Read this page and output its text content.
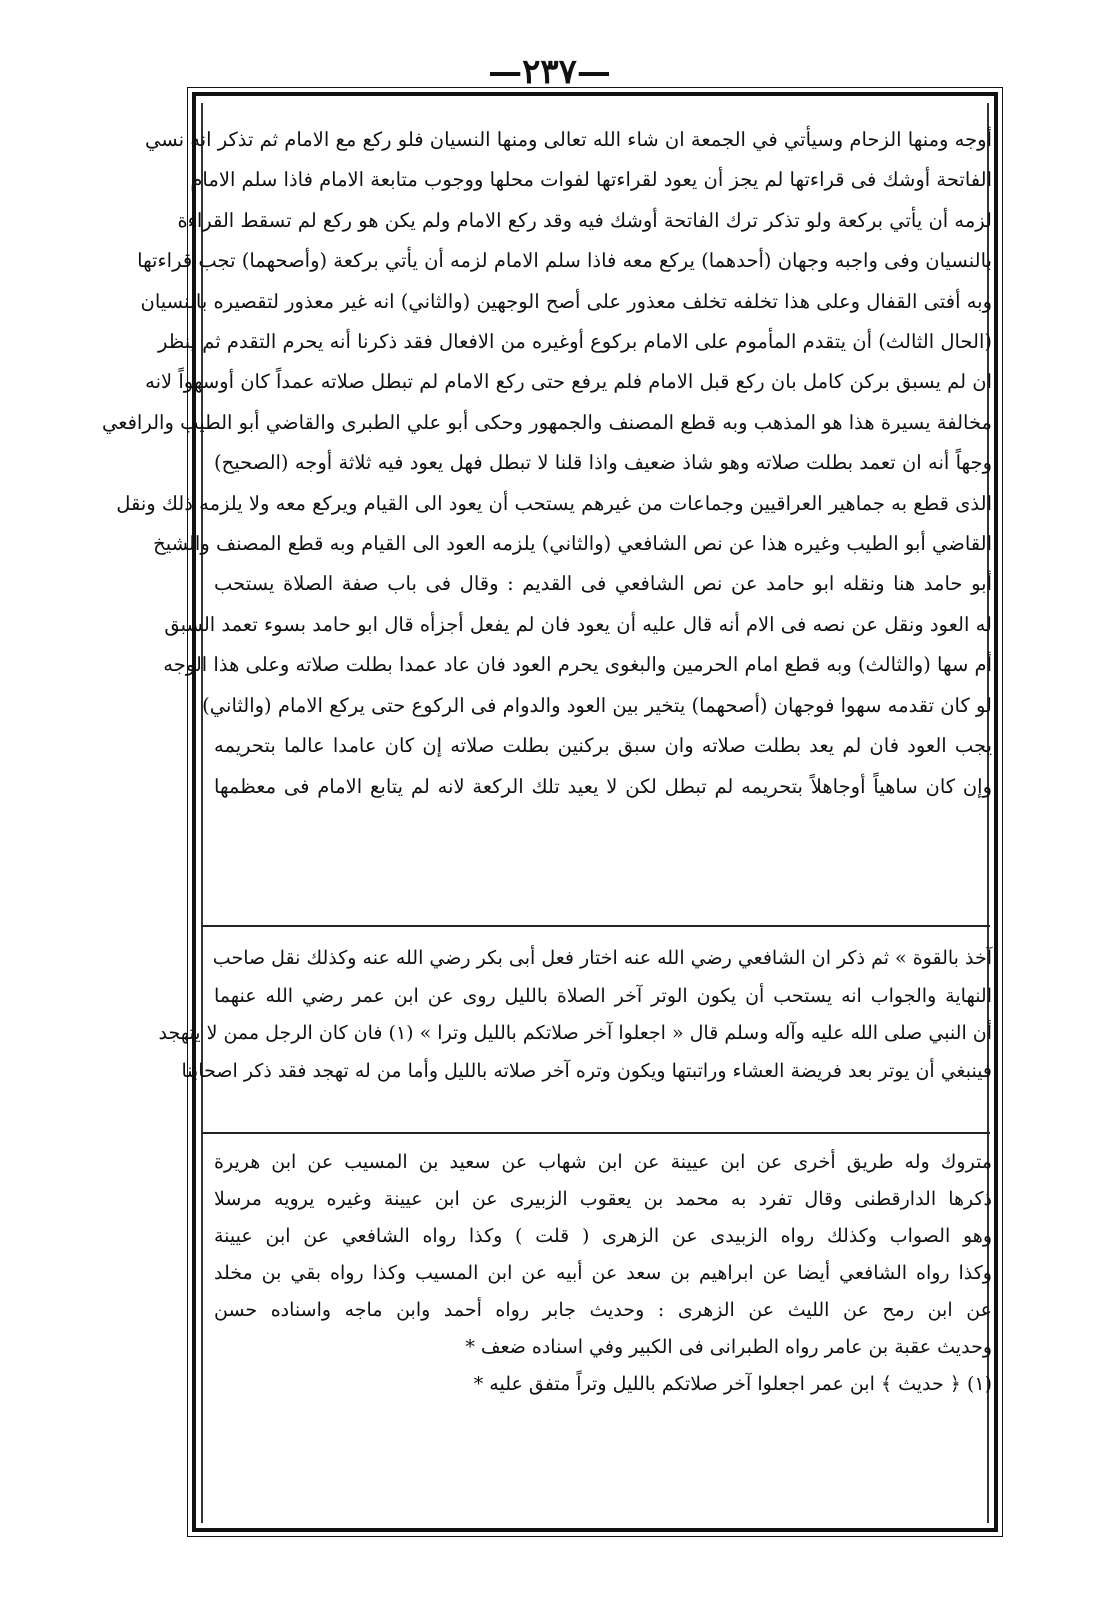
—٢٣٧—

أوجه ومنها الزحام وسيأتي في الجمعة ان شاء الله تعالى ومنها النسيان فلو ركع مع الامام ثم تذكر انه نسي

الفاتحة أوشك فى قراءتها لم يجز أن يعود لقراءتها لفوات محلها ووجوب متابعة الامام فاذا سلم الامام

لزمه أن يأتي بركعة ولو تذكر ترك الفاتحة أوشك فيه وقد ركع الامام ولم يكن هو ركع لم تسقط القراءة

بالنسيان وفى واجبه وجهان (أحدهما) يركع معه فاذا سلم الامام لزمه أن يأتي بركعة (وأصحهما) تجب قراءتها

وبه أفتى القفال وعلى هذا تخلفه تخلف معذور على أصح الوجهين (والثاني) انه غير معذور لتقصيره بالنسيان

(الحال الثالث) أن يتقدم المأموم على الامام بركوع أوغيره من الافعال فقد ذكرنا أنه يحرم التقدم ثم ينظر

ان لم يسبق بركن كامل بان ركع قبل الامام فلم يرفع حتى ركع الامام لم تبطل صلاته عمداً كان أوسهواً لانه

مخالفة يسيرة هذا هو المذهب وبه قطع المصنف والجمهور وحكى أبو علي الطبرى والقاضي أبو الطيب والرافعي

وجهاً أنه ان تعمد بطلت صلاته وهو شاذ ضعيف واذا قلنا لا تبطل فهل يعود فيه ثلاثة أوجه (الصحيح)

الذى قطع به جماهير العراقيين وجماعات من غيرهم يستحب أن يعود الى القيام ويركع معه ولا يلزمه ذلك ونقل

القاضي أبو الطيب وغيره هذا عن نص الشافعي (والثاني) يلزمه العود الى القيام وبه قطع المصنف والشيخ

أبو حامد هنا ونقله ابو حامد عن نص الشافعي فى القديم : وقال فى باب صفة الصلاة يستحب

له العود ونقل عن نصه فى الام أنه قال عليه أن يعود فان لم يفعل أجزأه قال ابو حامد بسوء تعمد السبق

أم سها (والثالث) وبه قطع امام الحرمين والبغوى يحرم العود فان عاد عمدا بطلت صلاته وعلى هذا الوجه

لو كان تقدمه سهوا فوجهان (أصحهما) يتخير بين العود والدوام فى الركوع حتى يركع الامام (والثاني)

يجب العود فان لم يعد بطلت صلاته وان سبق بركنين بطلت صلاته إن كان عامدا عالما بتحريمه

وإن كان ساهياً أوجاهلاً بتحريمه لم تبطل لكن لا يعيد تلك الركعة لانه لم يتابع الامام فى معظمها

آخذ بالقوة » ثم ذكر ان الشافعي رضي الله عنه اختار فعل أبى بكر رضي الله عنه وكذلك نقل صاحب

النهاية والجواب انه يستحب أن يكون الوتر آخر الصلاة بالليل روى عن ابن عمر رضي الله عنهما

أن النبي صلى الله عليه وآله وسلم قال « اجعلوا آخر صلاتكم بالليل وترا » (١) فان كان الرجل ممن لا يتهجد

فينبغي أن يوتر بعد فريضة العشاء وراتبتها ويكون وتره آخر صلاته بالليل وأما من له تهجد فقد ذكر اصحابنا

متروك وله طريق أخرى عن ابن عيينة عن ابن شهاب عن سعيد بن المسيب عن ابن هريرة

ذكرها الدارقطنى وقال تفرد به محمد بن يعقوب الزبيرى عن ابن عيينة وغيره يرويه مرسلا

وهو الصواب وكذلك رواه الزبيدى عن الزهرى ( قلت ) وكذا رواه الشافعي عن ابن عيينة

وكذا رواه الشافعي أيضا عن ابراهيم بن سعد عن أبيه عن ابن المسيب وكذا رواه بقي بن مخلد

عن ابن رمح عن الليث عن الزهرى : وحديث جابر رواه أحمد وابن ماجه واسناده حسن

وحديث عقبة بن عامر رواه الطبرانى فى الكبير وفي اسناده ضعف *

(١) ﴿ حديث ﴾ ابن عمر اجعلوا آخر صلاتكم بالليل وتراً متفق عليه *
